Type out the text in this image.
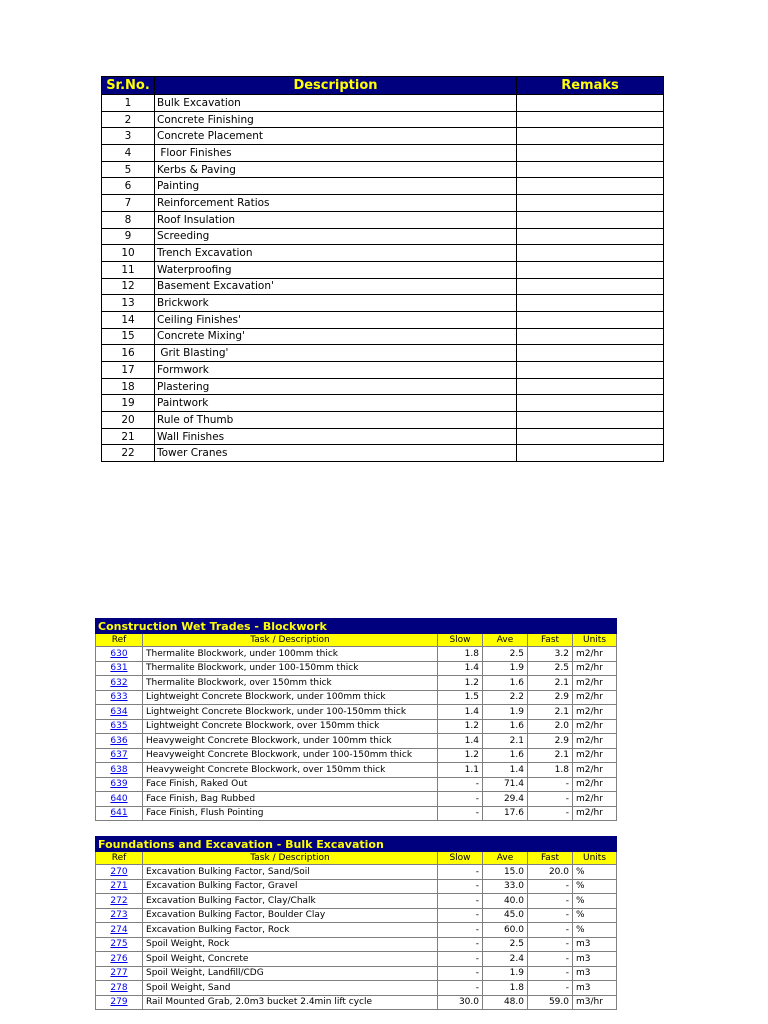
Sr.No.	Description	Remaks
1	Bulk Excavation	
2	Concrete Finishing	
3	Concrete Placement	
4	Floor Finishes	
5	Kerbs & Paving	
6	Painting	
7	Reinforcement Ratios	
8	Roof Insulation	
9	Screeding	
10	Trench Excavation	
11	Waterproofing	
12	Basement Excavation'	
13	Brickwork	
14	Ceiling Finishes'	
15	Concrete Mixing'	
16	Grit Blasting'	
17	Formwork	
18	Plastering	
19	Paintwork	
20	Rule of Thumb	
21	Wall Finishes	
22	Tower Cranes	
Construction Wet Trades - Blockwork					
Ref	Task / Description	Slow	Ave	Fast	Units
630	Thermalite Blockwork, under 100mm thick	1.8	2.5	3.2	m2/hr
631	Thermalite Blockwork, under 100-150mm thick	1.4	1.9	2.5	m2/hr
632	Thermalite Blockwork, over 150mm thick	1.2	1.6	2.1	m2/hr
633	Lightweight Concrete Blockwork, under 100mm thick	1.5	2.2	2.9	m2/hr
634	Lightweight Concrete Blockwork, under 100-150mm thick	1.4	1.9	2.1	m2/hr
635	Lightweight Concrete Blockwork, over 150mm thick	1.2	1.6	2.0	m2/hr
636	Heavyweight Concrete Blockwork, under 100mm thick	1.4	2.1	2.9	m2/hr
637	Heavyweight Concrete Blockwork, under 100-150mm thick	1.2	1.6	2.1	m2/hr
638	Heavyweight Concrete Blockwork, over 150mm thick	1.1	1.4	1.8	m2/hr
639	Face Finish, Raked Out	-	71.4	-	m2/hr
640	Face Finish, Bag Rubbed	-	29.4	-	m2/hr
641	Face Finish, Flush Pointing	-	17.6	-	m2/hr
Foundations and Excavation - Bulk Excavation					
Ref	Task / Description	Slow	Ave	Fast	Units
270	Excavation Bulking Factor, Sand/Soil	-	15.0	20.0	%
271	Excavation Bulking Factor, Gravel	-	33.0	-	%
272	Excavation Bulking Factor, Clay/Chalk	-	40.0	-	%
273	Excavation Bulking Factor, Boulder Clay	-	45.0	-	%
274	Excavation Bulking Factor, Rock	-	60.0	-	%
275	Spoil Weight, Rock	-	2.5	-	m3
276	Spoil Weight, Concrete	-	2.4	-	m3
277	Spoil Weight, Landfill/CDG	-	1.9	-	m3
278	Spoil Weight, Sand	-	1.8	-	m3
279	Rail Mounted Grab, 2.0m3 bucket 2.4min lift cycle	30.0	48.0	59.0	m3/hr
